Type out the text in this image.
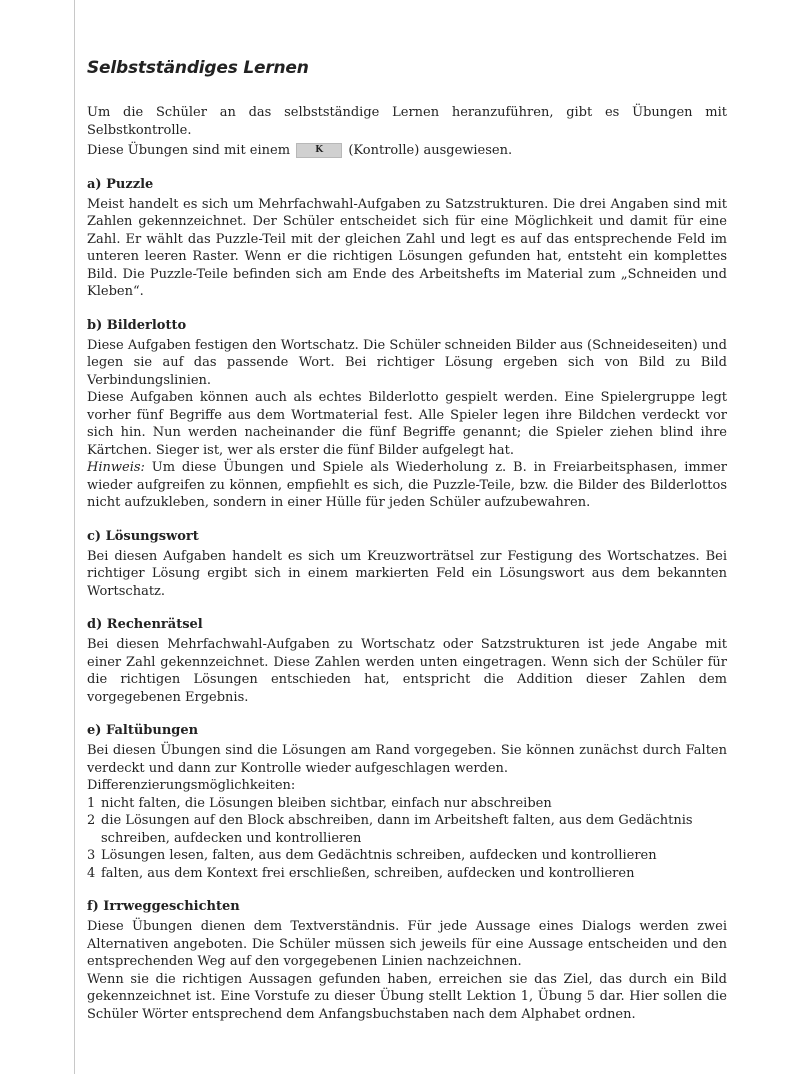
Selbstständiges Lernen

Um die Schüler an das selbstständige Lernen heranzuführen, gibt es Übungen mit Selbstkontrolle.

Diese Übungen sind mit einem	K (Kontrolle) ausgewiesen.

a) Puzzle

Meist handelt es sich um Mehrfachwahl-Aufgaben zu Satzstrukturen. Die drei Angaben sind mit Zahlen gekennzeichnet. Der Schüler entscheidet sich für eine Möglichkeit und damit für eine Zahl. Er wählt das Puzzle-Teil mit der gleichen Zahl und legt es auf das entsprechende Feld im unteren leeren Raster. Wenn er die richtigen Lösungen gefunden hat, entsteht ein komplettes Bild. Die Puzzle-Teile befinden sich am Ende des Arbeitshefts im Material zum „Schneiden und Kleben“.

b) Bilderlotto

Diese Aufgaben festigen den Wortschatz. Die Schüler schneiden Bilder aus (Schneideseiten) und legen sie auf das passende Wort. Bei richtiger Lösung ergeben sich von Bild zu Bild Verbindungslinien.

Diese Aufgaben können auch als echtes Bilderlotto gespielt werden. Eine Spielergruppe legt vorher fünf Begriffe aus dem Wortmaterial fest. Alle Spieler legen ihre Bildchen verdeckt vor sich hin. Nun werden nacheinander die fünf Begriffe genannt; die Spieler ziehen blind ihre Kärtchen. Sieger ist, wer als erster die fünf Bilder aufgelegt hat.

Hinweis: Um diese Übungen und Spiele als Wiederholung z. B. in Freiarbeitsphasen, immer wieder aufgreifen zu können, empfiehlt es sich, die Puzzle-Teile, bzw. die Bilder des Bilderlottos nicht aufzukleben, sondern in einer Hülle für jeden Schüler aufzubewahren.

c) Lösungswort

Bei diesen Aufgaben handelt es sich um Kreuzworträtsel zur Festigung des Wortschatzes. Bei richtiger Lösung ergibt sich in einem markierten Feld ein Lösungswort aus dem bekannten Wortschatz.

d) Rechenrätsel

Bei diesen Mehrfachwahl-Aufgaben zu Wortschatz oder Satzstrukturen ist jede Angabe mit einer Zahl gekennzeichnet. Diese Zahlen werden unten eingetragen. Wenn sich der Schüler für die richtigen Lösungen entschieden hat, entspricht die Addition dieser Zahlen dem vorgegebenen Ergebnis.

e) Faltübungen

Bei diesen Übungen sind die Lösungen am Rand vorgegeben. Sie können zunächst durch Falten verdeckt und dann zur Kontrolle wieder aufgeschlagen werden.

Differenzierungsmöglichkeiten:

1 nicht falten, die Lösungen bleiben sichtbar, einfach nur abschreiben
2 die Lösungen auf den Block abschreiben, dann im Arbeitsheft falten, aus dem Gedächtnis schreiben, aufdecken und kontrollieren
3 Lösungen lesen, falten, aus dem Gedächtnis schreiben, aufdecken und kontrollieren
4 falten, aus dem Kontext frei erschließen, schreiben, aufdecken und kontrollieren
f) Irrweggeschichten

Diese Übungen dienen dem Textverständnis. Für jede Aussage eines Dialogs werden zwei Alternativen angeboten. Die Schüler müssen sich jeweils für eine Aussage entscheiden und den entsprechenden Weg auf den vorgegebenen Linien nachzeichnen.

Wenn sie die richtigen Aussagen gefunden haben, erreichen sie das Ziel, das durch ein Bild gekennzeichnet ist. Eine Vorstufe zu dieser Übung stellt Lektion 1, Übung 5 dar. Hier sollen die Schüler Wörter entsprechend dem Anfangsbuchstaben nach dem Alphabet ordnen.
